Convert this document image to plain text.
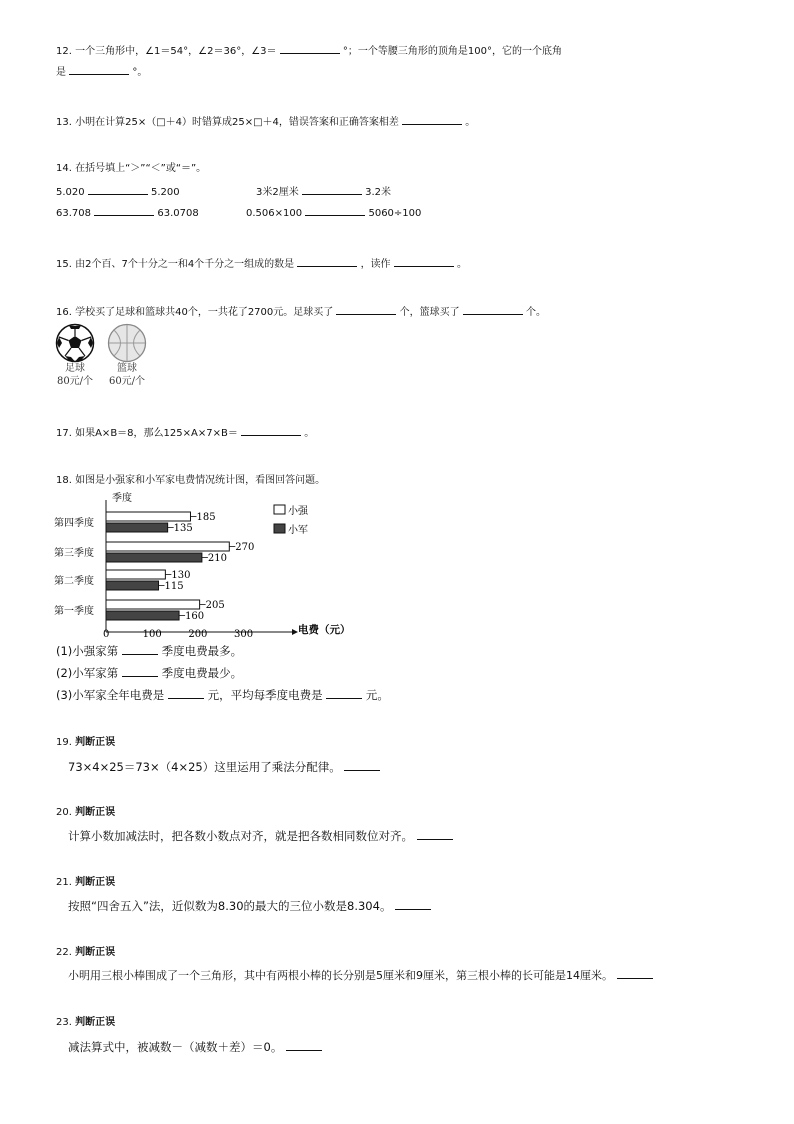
12. 一个三角形中，∠1＝54°，∠2＝36°，∠3＝	°；一个等腰三角形的顶角是100°，它的一个底角
是	°。
13. 小明在计算25×（□＋4）时错算成25×□＋4，错误答案和正确答案相差	。
14. 在括号填上“＞”“＜”或“＝”。
5.020	5.200	3米2厘米	3.2米
63.708	63.0708	0.506×100	5060÷100
15. 由2个百、7个十分之一和4个千分之一组成的数是	，读作	。
16. 学校买了足球和篮球共40个，一共花了2700元。足球买了	个，篮球买了	个。
足球
80元/个
篮球
60元/个
17. 如果A×B＝8，那么125×A×7×B＝	。
18. 如图是小强家和小军家电费情况统计图，看图回答问题。
季度
电费（元）
第四季度
185
135
第三季度
270
210
第二季度
130
115
第一季度
205
160
0	100	200	300
小强
小军
(1)小强家第	季度电费最多。
(2)小军家第	季度电费最少。
(3)小军家全年电费是	元，平均每季度电费是	元。
19. 判断正误
73×4×25＝73×（4×25）这里运用了乘法分配律。
20. 判断正误
计算小数加减法时，把各数小数点对齐，就是把各数相同数位对齐。
21. 判断正误
按照“四舍五入”法，近似数为8.30的最大的三位小数是8.304。
22. 判断正误
小明用三根小棒围成了一个三角形，其中有两根小棒的长分别是5厘米和9厘米，第三根小棒的长可能是14厘米。
23. 判断正误
减法算式中，被减数－（减数＋差）＝0。
